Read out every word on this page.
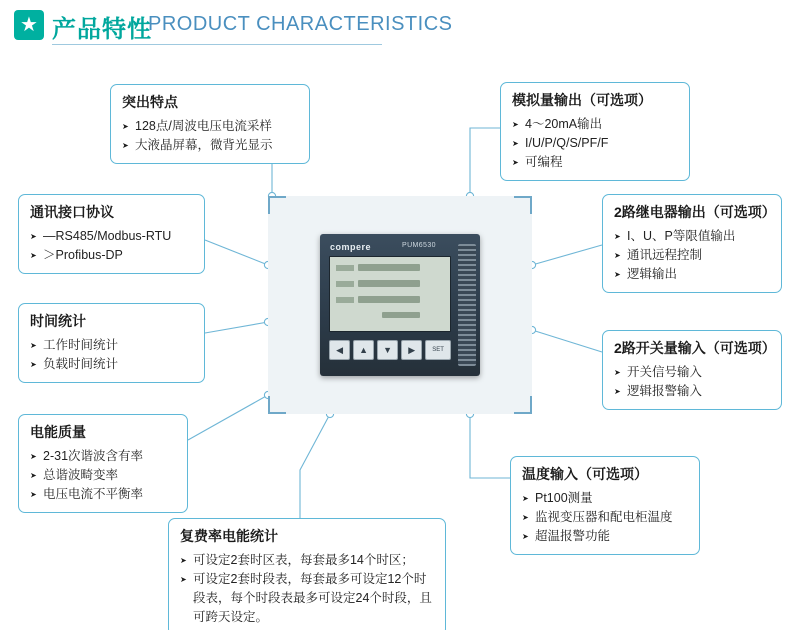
★ 产品特性
PRODUCT CHARACTERISTICS
compere	PUM6530
◀	▲	▼	▶	SET
突出特点
➤ 128点/周波电压电流采样
➤ 大液晶屏幕，微背光显示
模拟量输出（可选项）
➤ 4～20mA输出
➤ I/U/P/Q/S/PF/F
➤ 可编程
通讯接口协议
➤ —RS485/Modbus-RTU
➤ ＞Profibus-DP
2路继电器输出（可选项）
➤ I、U、P等限值输出
➤ 通讯远程控制
➤ 逻辑输出
时间统计
➤ 工作时间统计
➤ 负载时间统计
2路开关量输入（可选项）
➤ 开关信号输入
➤ 逻辑报警输入
电能质量
➤ 2-31次谐波含有率
➤ 总谐波畸变率
➤ 电压电流不平衡率
温度输入（可选项）
➤ Pt100测量
➤ 监视变压器和配电柜温度
➤ 超温报警功能
复费率电能统计
➤ 可设定2套时区表，每套最多14个时区；
➤ 可设定2套时段表，每套最多可设定12个时段表，每个时段表最多可设定24个时段，且可跨天设定。
